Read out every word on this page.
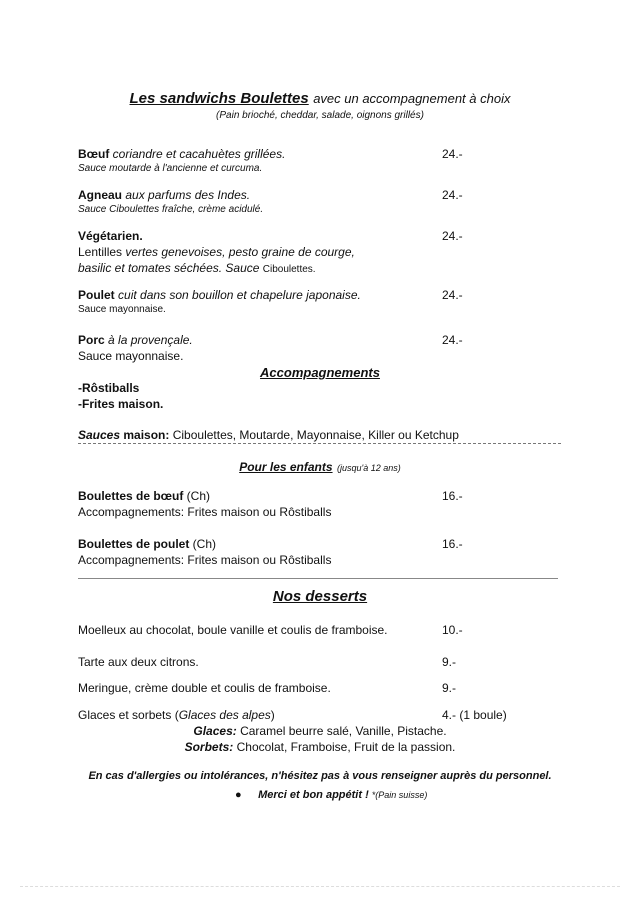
Les sandwichs Boulettes avec un accompagnement à choix
(Pain brioché, cheddar, salade, oignons grillés)
Bœuf coriandre et cacahuètes grillées.
Sauce moutarde à l'ancienne et curcuma.
24.-
Agneau aux parfums des Indes.
Sauce Ciboulettes fraîche, crème acidulé.
24.-
Végétarien.
Lentilles vertes genevoises, pesto graine de courge,
basilic et tomates séchées. Sauce Ciboulettes.
24.-
Poulet cuit dans son bouillon et chapelure japonaise.
Sauce mayonnaise.
24.-
Porc à la provençale.
Sauce mayonnaise.
24.-
Accompagnements
-Rôstiballs
-Frites maison.
Sauces maison: Ciboulettes, Moutarde, Mayonnaise, Killer ou Ketchup
Pour les enfants (jusqu'à 12 ans)
Boulettes de bœuf (Ch)
Accompagnements: Frites maison ou Rôstiballs
16.-
Boulettes de poulet (Ch)
Accompagnements: Frites maison ou Rôstiballs
16.-
Nos desserts
Moelleux au chocolat, boule vanille et coulis de framboise.	10.-
Tarte aux deux citrons.	9.-
Meringue, crème double et coulis de framboise.	9.-
Glaces et sorbets (Glaces des alpes)	4.- (1 boule)
Glaces: Caramel beurre salé, Vanille, Pistache.
Sorbets: Chocolat, Framboise, Fruit de la passion.
En cas d'allergies ou intolérances, n'hésitez pas à vous renseigner auprès du personnel.
● Merci et bon appétit ! *(Pain suisse)
